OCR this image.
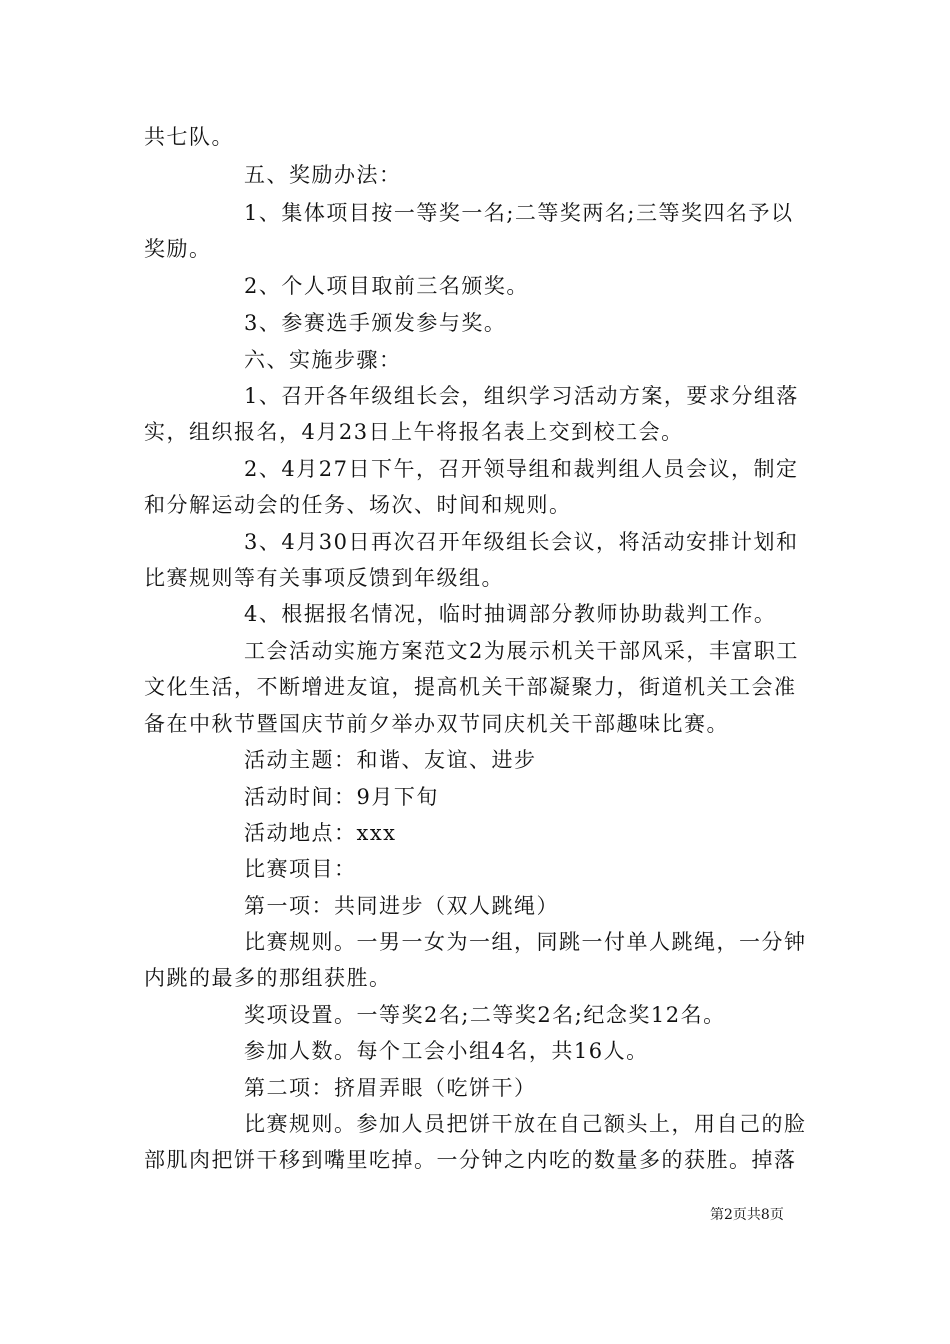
共七队。
五、奖励办法：
1、集体项目按一等奖一名;二等奖两名;三等奖四名予以
奖励。
2、个人项目取前三名颁奖。
3、参赛选手颁发参与奖。
六、实施步骤：
1、召开各年级组长会，组织学习活动方案，要求分组落
实，组织报名，4月23日上午将报名表上交到校工会。
2、4月27日下午，召开领导组和裁判组人员会议，制定
和分解运动会的任务、场次、时间和规则。
3、4月30日再次召开年级组长会议，将活动安排计划和
比赛规则等有关事项反馈到年级组。
4、根据报名情况，临时抽调部分教师协助裁判工作。
工会活动实施方案范文2为展示机关干部风采，丰富职工
文化生活，不断增进友谊，提高机关干部凝聚力，街道机关工会准
备在中秋节暨国庆节前夕举办双节同庆机关干部趣味比赛。
活动主题：和谐、友谊、进步
活动时间：9月下旬
活动地点：xxx
比赛项目：
第一项：共同进步（双人跳绳）
比赛规则。一男一女为一组，同跳一付单人跳绳，一分钟
内跳的最多的那组获胜。
奖项设置。一等奖2名;二等奖2名;纪念奖12名。
参加人数。每个工会小组4名，共16人。
第二项：挤眉弄眼（吃饼干）
比赛规则。参加人员把饼干放在自己额头上，用自己的脸
部肌肉把饼干移到嘴里吃掉。一分钟之内吃的数量多的获胜。掉落
第2页共8页
